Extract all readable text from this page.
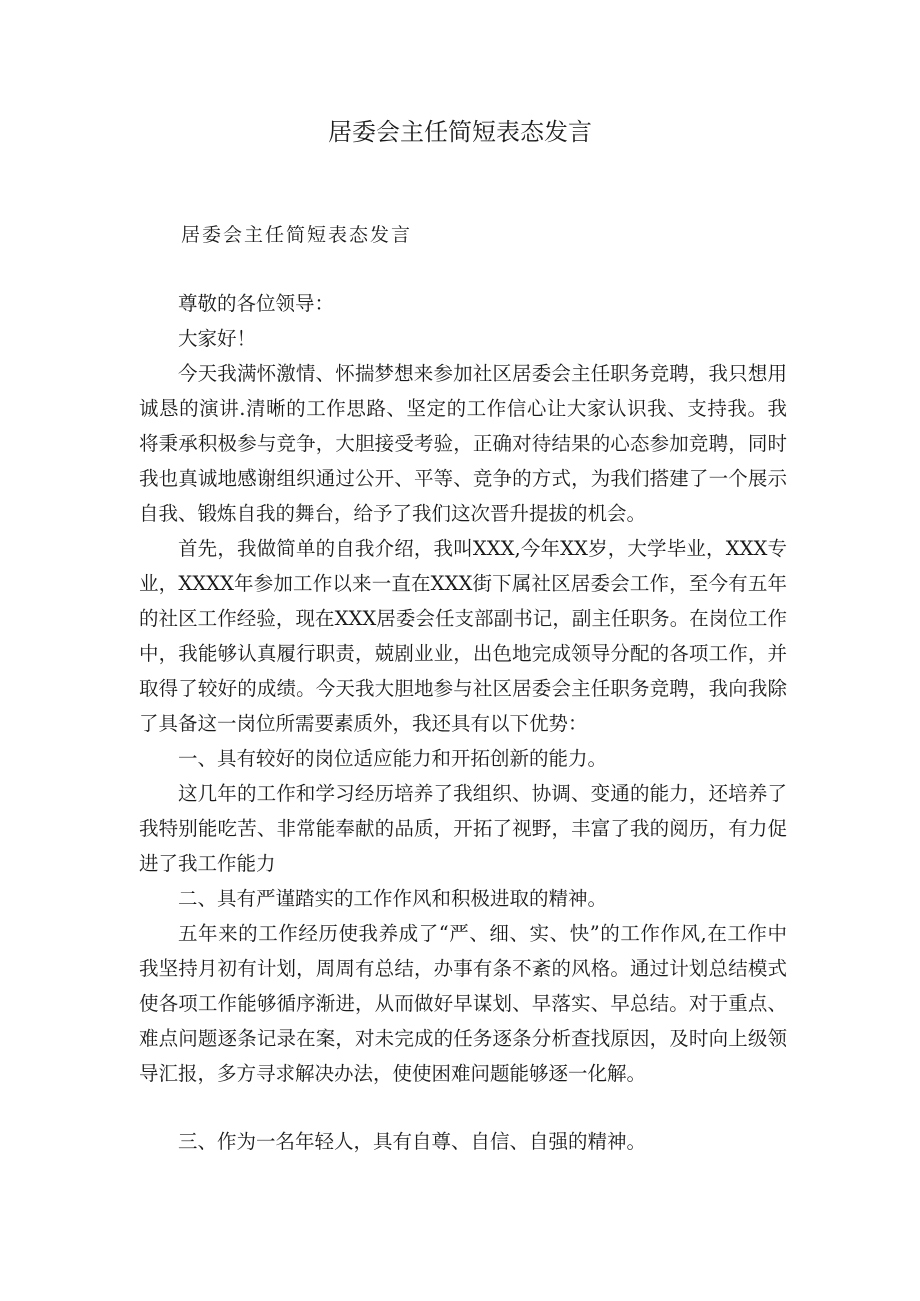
居委会主任简短表态发言
居委会主任简短表态发言

尊敬的各位领导：

大家好！

今天我满怀激情、怀揣梦想来参加社区居委会主任职务竞聘，我只想用诚恳的演讲.清晰的工作思路、坚定的工作信心让大家认识我、支持我。我将秉承积极参与竞争，大胆接受考验，正确对待结果的心态参加竞聘，同时我也真诚地感谢组织通过公开、平等、竞争的方式，为我们搭建了一个展示自我、锻炼自我的舞台，给予了我们这次晋升提拔的机会。

首先，我做简单的自我介绍，我叫XXX,今年XX岁，大学毕业，XXX专业，XXXX年参加工作以来一直在XXX街下属社区居委会工作，至今有五年的社区工作经验，现在XXX居委会任支部副书记，副主任职务。在岗位工作中，我能够认真履行职责，兢剧业业，出色地完成领导分配的各项工作，并取得了较好的成绩。今天我大胆地参与社区居委会主任职务竞聘，我向我除了具备这一岗位所需要素质外，我还具有以下优势：

一、具有较好的岗位适应能力和开拓创新的能力。

这几年的工作和学习经历培养了我组织、协调、变通的能力，还培养了我特别能吃苦、非常能奉献的品质，开拓了视野，丰富了我的阅历，有力促进了我工作能力

二、具有严谨踏实的工作作风和积极进取的精神。

五年来的工作经历使我养成了“严、细、实、快”的工作作风,在工作中我坚持月初有计划，周周有总结，办事有条不紊的风格。通过计划总结模式使各项工作能够循序渐进，从而做好早谋划、早落实、早总结。对于重点、难点问题逐条记录在案，对未完成的任务逐条分析查找原因，及时向上级领导汇报，多方寻求解决办法，使使困难问题能够逐一化解。

三、作为一名年轻人，具有自尊、自信、自强的精神。
